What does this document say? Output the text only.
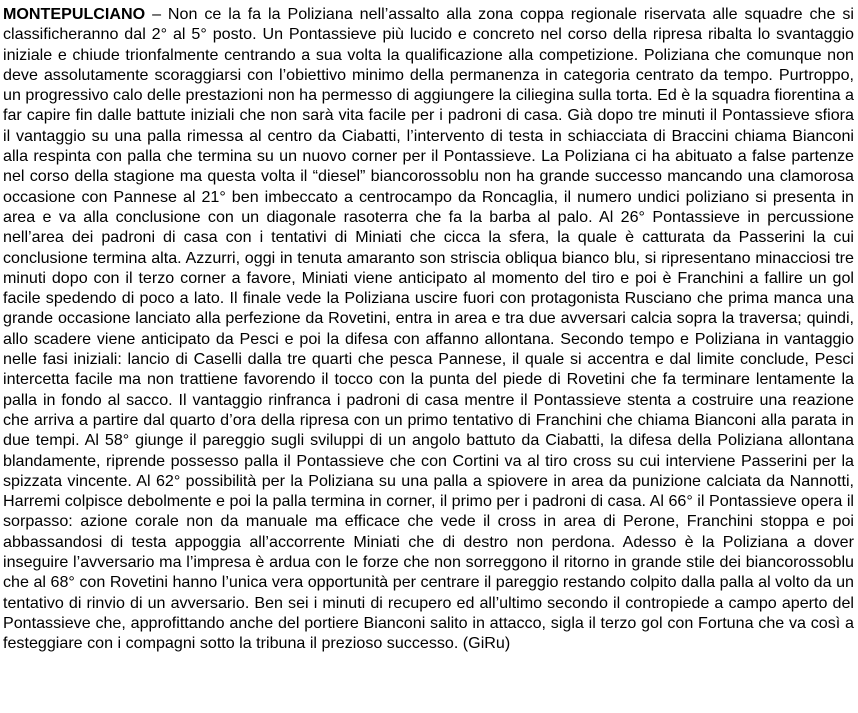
MONTEPULCIANO – Non ce la fa la Poliziana nell’assalto alla zona coppa regionale riservata alle squadre che si classificheranno dal 2° al 5° posto. Un Pontassieve più lucido e concreto nel corso della ripresa ribalta lo svantaggio iniziale e chiude trionfalmente centrando a sua volta la qualificazione alla competizione. Poliziana che comunque non deve assolutamente scoraggiarsi con l’obiettivo minimo della permanenza in categoria centrato da tempo. Purtroppo, un progressivo calo delle prestazioni non ha permesso di aggiungere la ciliegina sulla torta. Ed è la squadra fiorentina a far capire fin dalle battute iniziali che non sarà vita facile per i padroni di casa. Già dopo tre minuti il Pontassieve sfiora il vantaggio su una palla rimessa al centro da Ciabatti, l’intervento di testa in schiacciata di Braccini chiama Bianconi alla respinta con palla che termina su un nuovo corner per il Pontassieve. La Poliziana ci ha abituato a false partenze nel corso della stagione ma questa volta il “diesel” biancorossoblu non ha grande successo mancando una clamorosa occasione con Pannese al 21° ben imbeccato a centrocampo da Roncaglia, il numero undici poliziano si presenta in area e va alla conclusione con un diagonale rasoterra che fa la barba al palo. Al 26° Pontassieve in percussione nell’area dei padroni di casa con i tentativi di Miniati che cicca la sfera, la quale è catturata da Passerini la cui conclusione termina alta. Azzurri, oggi in tenuta amaranto son striscia obliqua bianco blu, si ripresentano minacciosi tre minuti dopo con il terzo corner a favore, Miniati viene anticipato al momento del tiro e poi è Franchini a fallire un gol facile spedendo di poco a lato. Il finale vede la Poliziana uscire fuori con protagonista Rusciano che prima manca una grande occasione lanciato alla perfezione da Rovetini, entra in area e tra due avversari calcia sopra la traversa; quindi, allo scadere viene anticipato da Pesci e poi la difesa con affanno allontana. Secondo tempo e Poliziana in vantaggio nelle fasi iniziali: lancio di Caselli dalla tre quarti che pesca Pannese, il quale si accentra e dal limite conclude, Pesci intercetta facile ma non trattiene favorendo il tocco con la punta del piede di Rovetini che fa terminare lentamente la palla in fondo al sacco. Il vantaggio rinfranca i padroni di casa mentre il Pontassieve stenta a costruire una reazione che arriva a partire dal quarto d’ora della ripresa con un primo tentativo di Franchini che chiama Bianconi alla parata in due tempi. Al 58° giunge il pareggio sugli sviluppi di un angolo battuto da Ciabatti, la difesa della Poliziana allontana blandamente, riprende possesso palla il Pontassieve che con Cortini va al tiro cross su cui interviene Passerini per la spizzata vincente. Al 62° possibilità per la Poliziana su una palla a spiovere in area da punizione calciata da Nannotti, Harremi colpisce debolmente e poi la palla termina in corner, il primo per i padroni di casa. Al 66° il Pontassieve opera il sorpasso: azione corale non da manuale ma efficace che vede il cross in area di Perone, Franchini stoppa e poi abbassandosi di testa appoggia all’accorrente Miniati che di destro non perdona. Adesso è la Poliziana a dover inseguire l’avversario ma l’impresa è ardua con le forze che non sorreggono il ritorno in grande stile dei biancorossoblu che al 68° con Rovetini hanno l’unica vera opportunità per centrare il pareggio restando colpito dalla palla al volto da un tentativo di rinvio di un avversario. Ben sei i minuti di recupero ed all’ultimo secondo il contropiede a campo aperto del Pontassieve che, approfittando anche del portiere Bianconi salito in attacco, sigla il terzo gol con Fortuna che va così a festeggiare con i compagni sotto la tribuna il prezioso successo. (GiRu)
